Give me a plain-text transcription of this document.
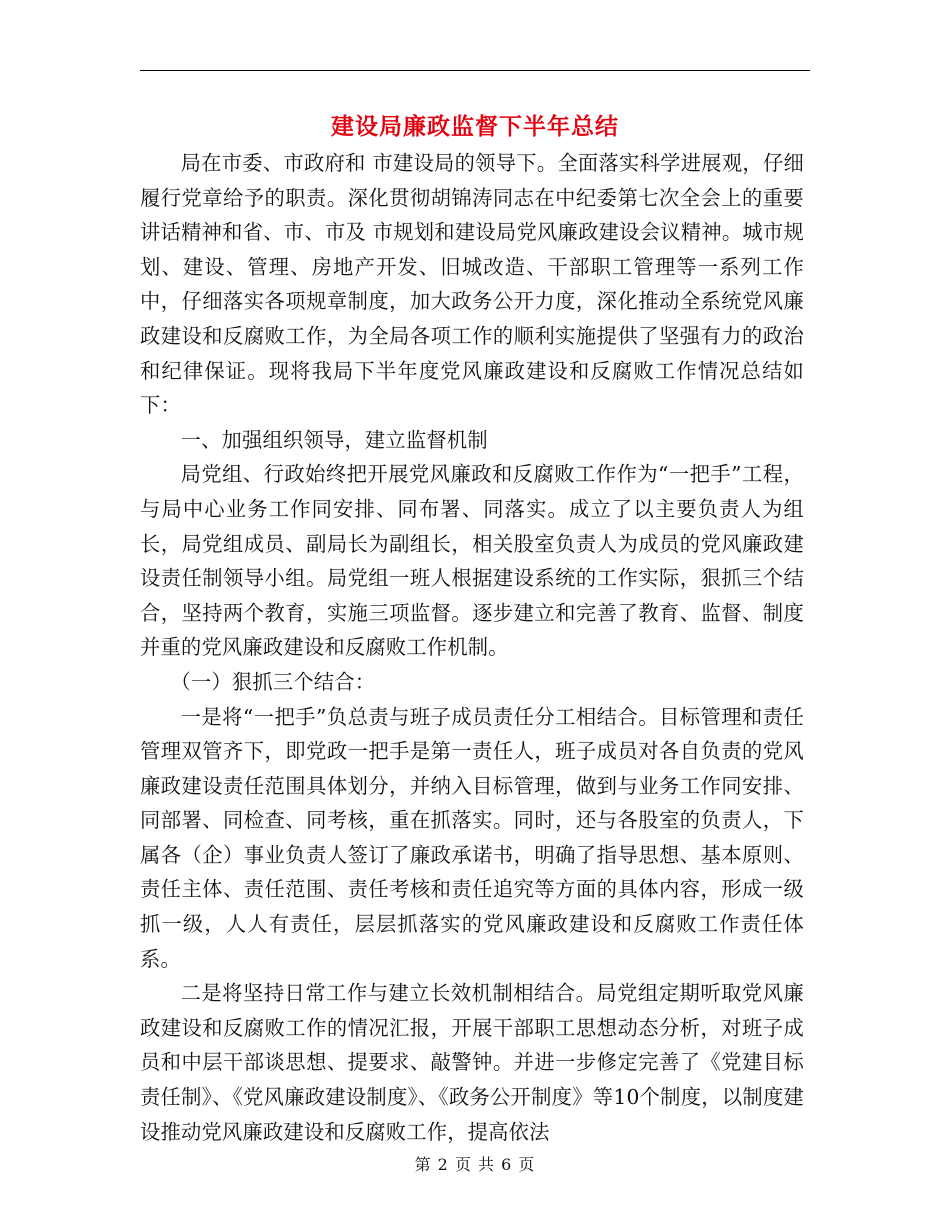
建设局廉政监督下半年总结

局在市委、市政府和 市建设局的领导下。全面落实科学进展观，仔细履行党章给予的职责。深化贯彻胡锦涛同志在中纪委第七次全会上的重要讲话精神和省、市、市及 市规划和建设局党风廉政建设会议精神。城市规划、建设、管理、房地产开发、旧城改造、干部职工管理等一系列工作中，仔细落实各项规章制度，加大政务公开力度，深化推动全系统党风廉政建设和反腐败工作，为全局各项工作的顺利实施提供了坚强有力的政治和纪律保证。现将我局下半年度党风廉政建设和反腐败工作情况总结如下：

一、加强组织领导，建立监督机制

局党组、行政始终把开展党风廉政和反腐败工作作为“一把手”工程，与局中心业务工作同安排、同布署、同落实。成立了以主要负责人为组长，局党组成员、副局长为副组长，相关股室负责人为成员的党风廉政建设责任制领导小组。局党组一班人根据建设系统的工作实际，狠抓三个结合，坚持两个教育，实施三项监督。逐步建立和完善了教育、监督、制度并重的党风廉政建设和反腐败工作机制。

（一）狠抓三个结合：

一是将“一把手”负总责与班子成员责任分工相结合。目标管理和责任管理双管齐下，即党政一把手是第一责任人，班子成员对各自负责的党风廉政建设责任范围具体划分，并纳入目标管理，做到与业务工作同安排、同部署、同检查、同考核，重在抓落实。同时，还与各股室的负责人，下属各（企）事业负责人签订了廉政承诺书，明确了指导思想、基本原则、责任主体、责任范围、责任考核和责任追究等方面的具体内容，形成一级抓一级，人人有责任，层层抓落实的党风廉政建设和反腐败工作责任体系。

二是将坚持日常工作与建立长效机制相结合。局党组定期听取党风廉政建设和反腐败工作的情况汇报，开展干部职工思想动态分析，对班子成员和中层干部谈思想、提要求、敲警钟。并进一步修定完善了《党建目标责任制》、《党风廉政建设制度》、《政务公开制度》等10个制度，以制度建设推动党风廉政建设和反腐败工作，提高依法

第 2 页 共 6 页
